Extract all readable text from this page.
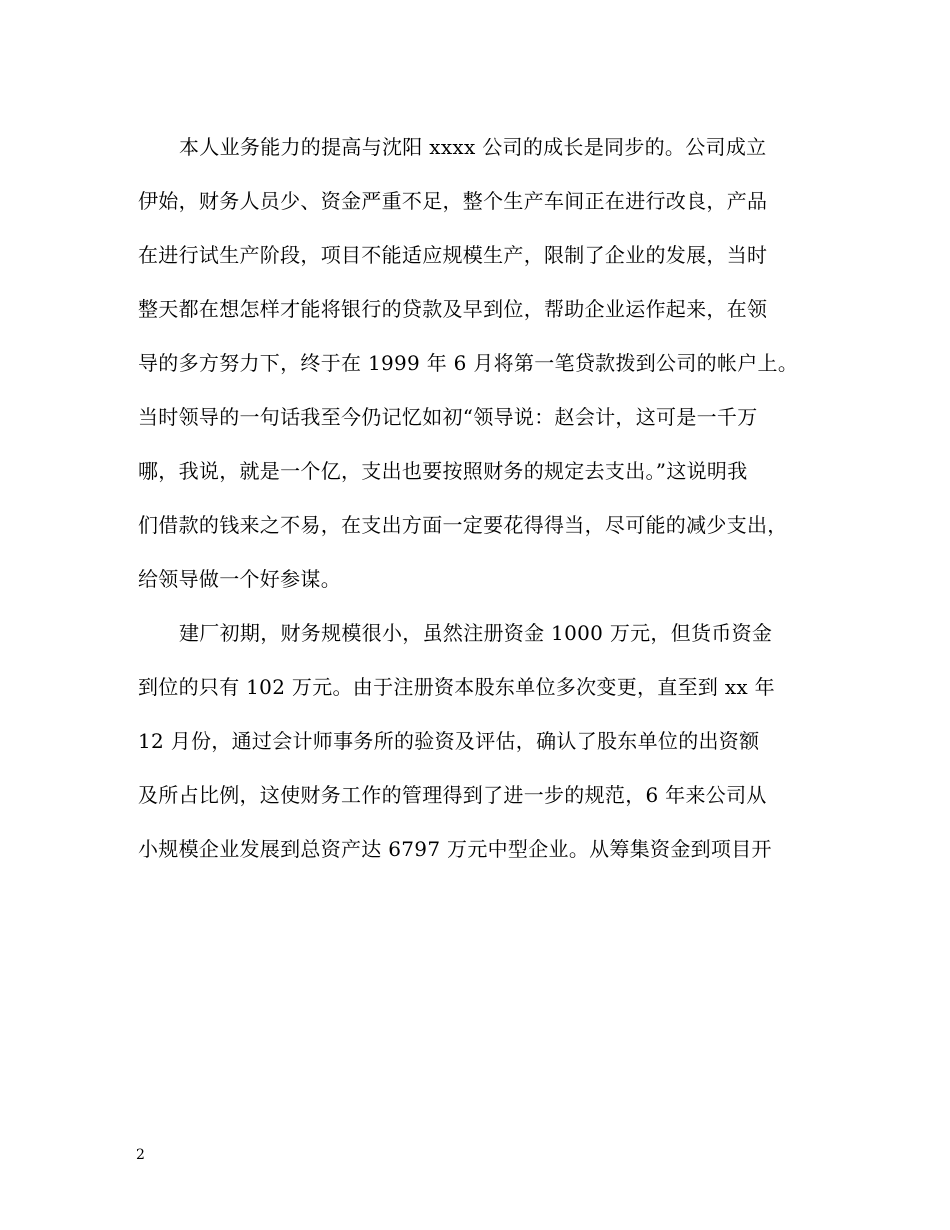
本人业务能力的提高与沈阳 xxxx 公司的成长是同步的。公司成立
伊始，财务人员少、资金严重不足，整个生产车间正在进行改良，产品
在进行试生产阶段，项目不能适应规模生产，限制了企业的发展，当时
整天都在想怎样才能将银行的贷款及早到位，帮助企业运作起来，在领
导的多方努力下，终于在 1999 年 6 月将第一笔贷款拨到公司的帐户上。
当时领导的一句话我至今仍记忆如初“领导说：赵会计，这可是一千万
哪，我说，就是一个亿，支出也要按照财务的规定去支出。”这说明我
们借款的钱来之不易，在支出方面一定要花得得当，尽可能的减少支出，
给领导做一个好参谋。
建厂初期，财务规模很小，虽然注册资金 1000 万元，但货币资金
到位的只有 102 万元。由于注册资本股东单位多次变更，直至到 xx 年
12 月份，通过会计师事务所的验资及评估，确认了股东单位的出资额
及所占比例，这使财务工作的管理得到了进一步的规范，6 年来公司从
小规模企业发展到总资产达 6797 万元中型企业。从筹集资金到项目开
2
